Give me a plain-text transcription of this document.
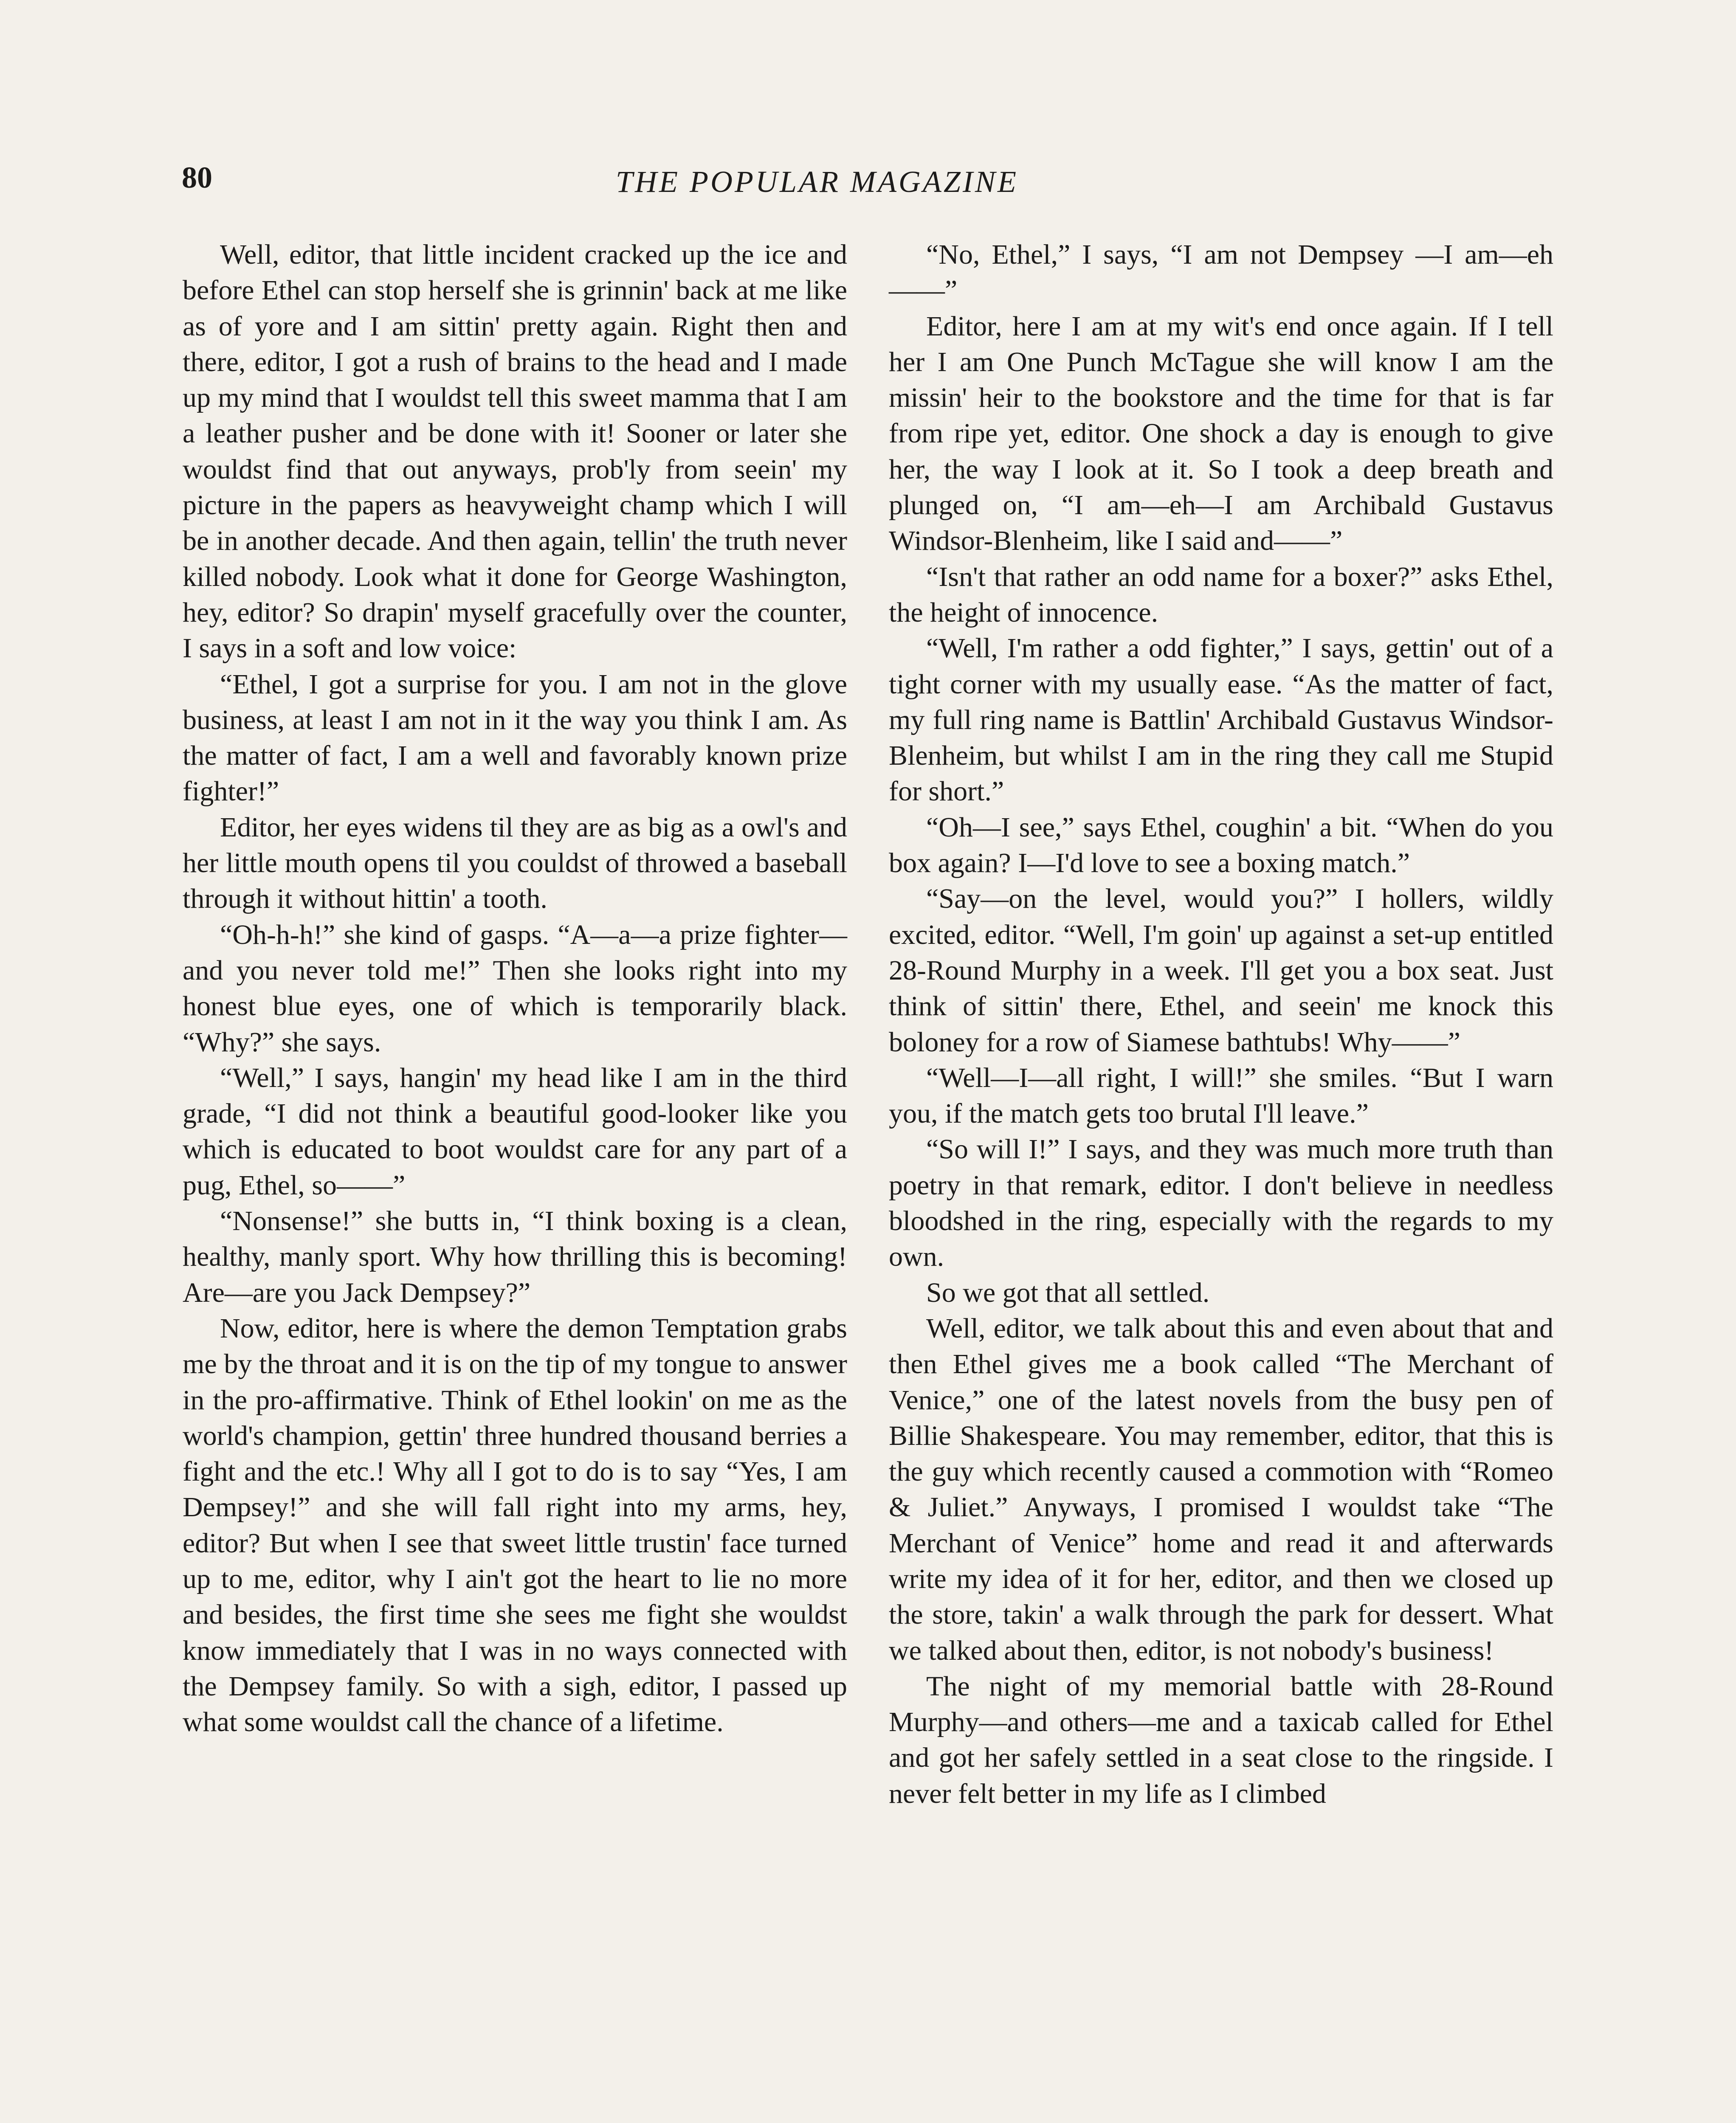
80	THE POPULAR MAGAZINE

Well, editor, that little incident cracked up the ice and before Ethel can stop herself she is grinnin' back at me like as of yore and I am sittin' pretty again. Right then and there, editor, I got a rush of brains to the head and I made up my mind that I wouldst tell this sweet mamma that I am a leather pusher and be done with it! Sooner or later she wouldst find that out anyways, prob'ly from seein' my picture in the papers as heavyweight champ which I will be in another decade. And then again, tellin' the truth never killed nobody. Look what it done for George Washington, hey, editor? So drapin' myself gracefully over the counter, I says in a soft and low voice:

“Ethel, I got a surprise for you. I am not in the glove business, at least I am not in it the way you think I am. As the matter of fact, I am a well and favorably known prize fighter!”

Editor, her eyes widens til they are as big as a owl's and her little mouth opens til you couldst of throwed a baseball through it without hittin' a tooth.

“Oh-h-h!” she kind of gasps. “A—a—a prize fighter—and you never told me!” Then she looks right into my honest blue eyes, one of which is temporarily black. “Why?” she says.

“Well,” I says, hangin' my head like I am in the third grade, “I did not think a beautiful good-looker like you which is educated to boot wouldst care for any part of a pug, Ethel, so——”

“Nonsense!” she butts in, “I think boxing is a clean, healthy, manly sport. Why how thrilling this is becoming! Are—are you Jack Dempsey?”

Now, editor, here is where the demon Temptation grabs me by the throat and it is on the tip of my tongue to answer in the pro-affirmative. Think of Ethel lookin' on me as the world's champion, gettin' three hundred thousand berries a fight and the etc.! Why all I got to do is to say “Yes, I am Dempsey!” and she will fall right into my arms, hey, editor? But when I see that sweet little trustin' face turned up to me, editor, why I ain't got the heart to lie no more and besides, the first time she sees me fight she wouldst know immediately that I was in no ways connected with the Dempsey family. So with a sigh, editor, I passed up what some wouldst call the chance of a lifetime.

“No, Ethel,” I says, “I am not Dempsey —I am—eh——”

Editor, here I am at my wit's end once again. If I tell her I am One Punch McTague she will know I am the missin' heir to the bookstore and the time for that is far from ripe yet, editor. One shock a day is enough to give her, the way I look at it. So I took a deep breath and plunged on, “I am—eh—I am Archibald Gustavus Windsor-Blenheim, like I said and——”

“Isn't that rather an odd name for a boxer?” asks Ethel, the height of innocence.

“Well, I'm rather a odd fighter,” I says, gettin' out of a tight corner with my usually ease. “As the matter of fact, my full ring name is Battlin' Archibald Gustavus Windsor-Blenheim, but whilst I am in the ring they call me Stupid for short.”

“Oh—I see,” says Ethel, coughin' a bit. “When do you box again? I—I'd love to see a boxing match.”

“Say—on the level, would you?” I hollers, wildly excited, editor. “Well, I'm goin' up against a set-up entitled 28-Round Murphy in a week. I'll get you a box seat. Just think of sittin' there, Ethel, and seein' me knock this boloney for a row of Siamese bathtubs! Why——”

“Well—I—all right, I will!” she smiles. “But I warn you, if the match gets too brutal I'll leave.”

“So will I!” I says, and they was much more truth than poetry in that remark, editor. I don't believe in needless bloodshed in the ring, especially with the regards to my own.

So we got that all settled.

Well, editor, we talk about this and even about that and then Ethel gives me a book called “The Merchant of Venice,” one of the latest novels from the busy pen of Billie Shakespeare. You may remember, editor, that this is the guy which recently caused a commotion with “Romeo & Juliet.” Anyways, I promised I wouldst take “The Merchant of Venice” home and read it and afterwards write my idea of it for her, editor, and then we closed up the store, takin' a walk through the park for dessert. What we talked about then, editor, is not nobody's business!

The night of my memorial battle with 28-Round Murphy—and others—me and a taxicab called for Ethel and got her safely settled in a seat close to the ringside. I never felt better in my life as I climbed
